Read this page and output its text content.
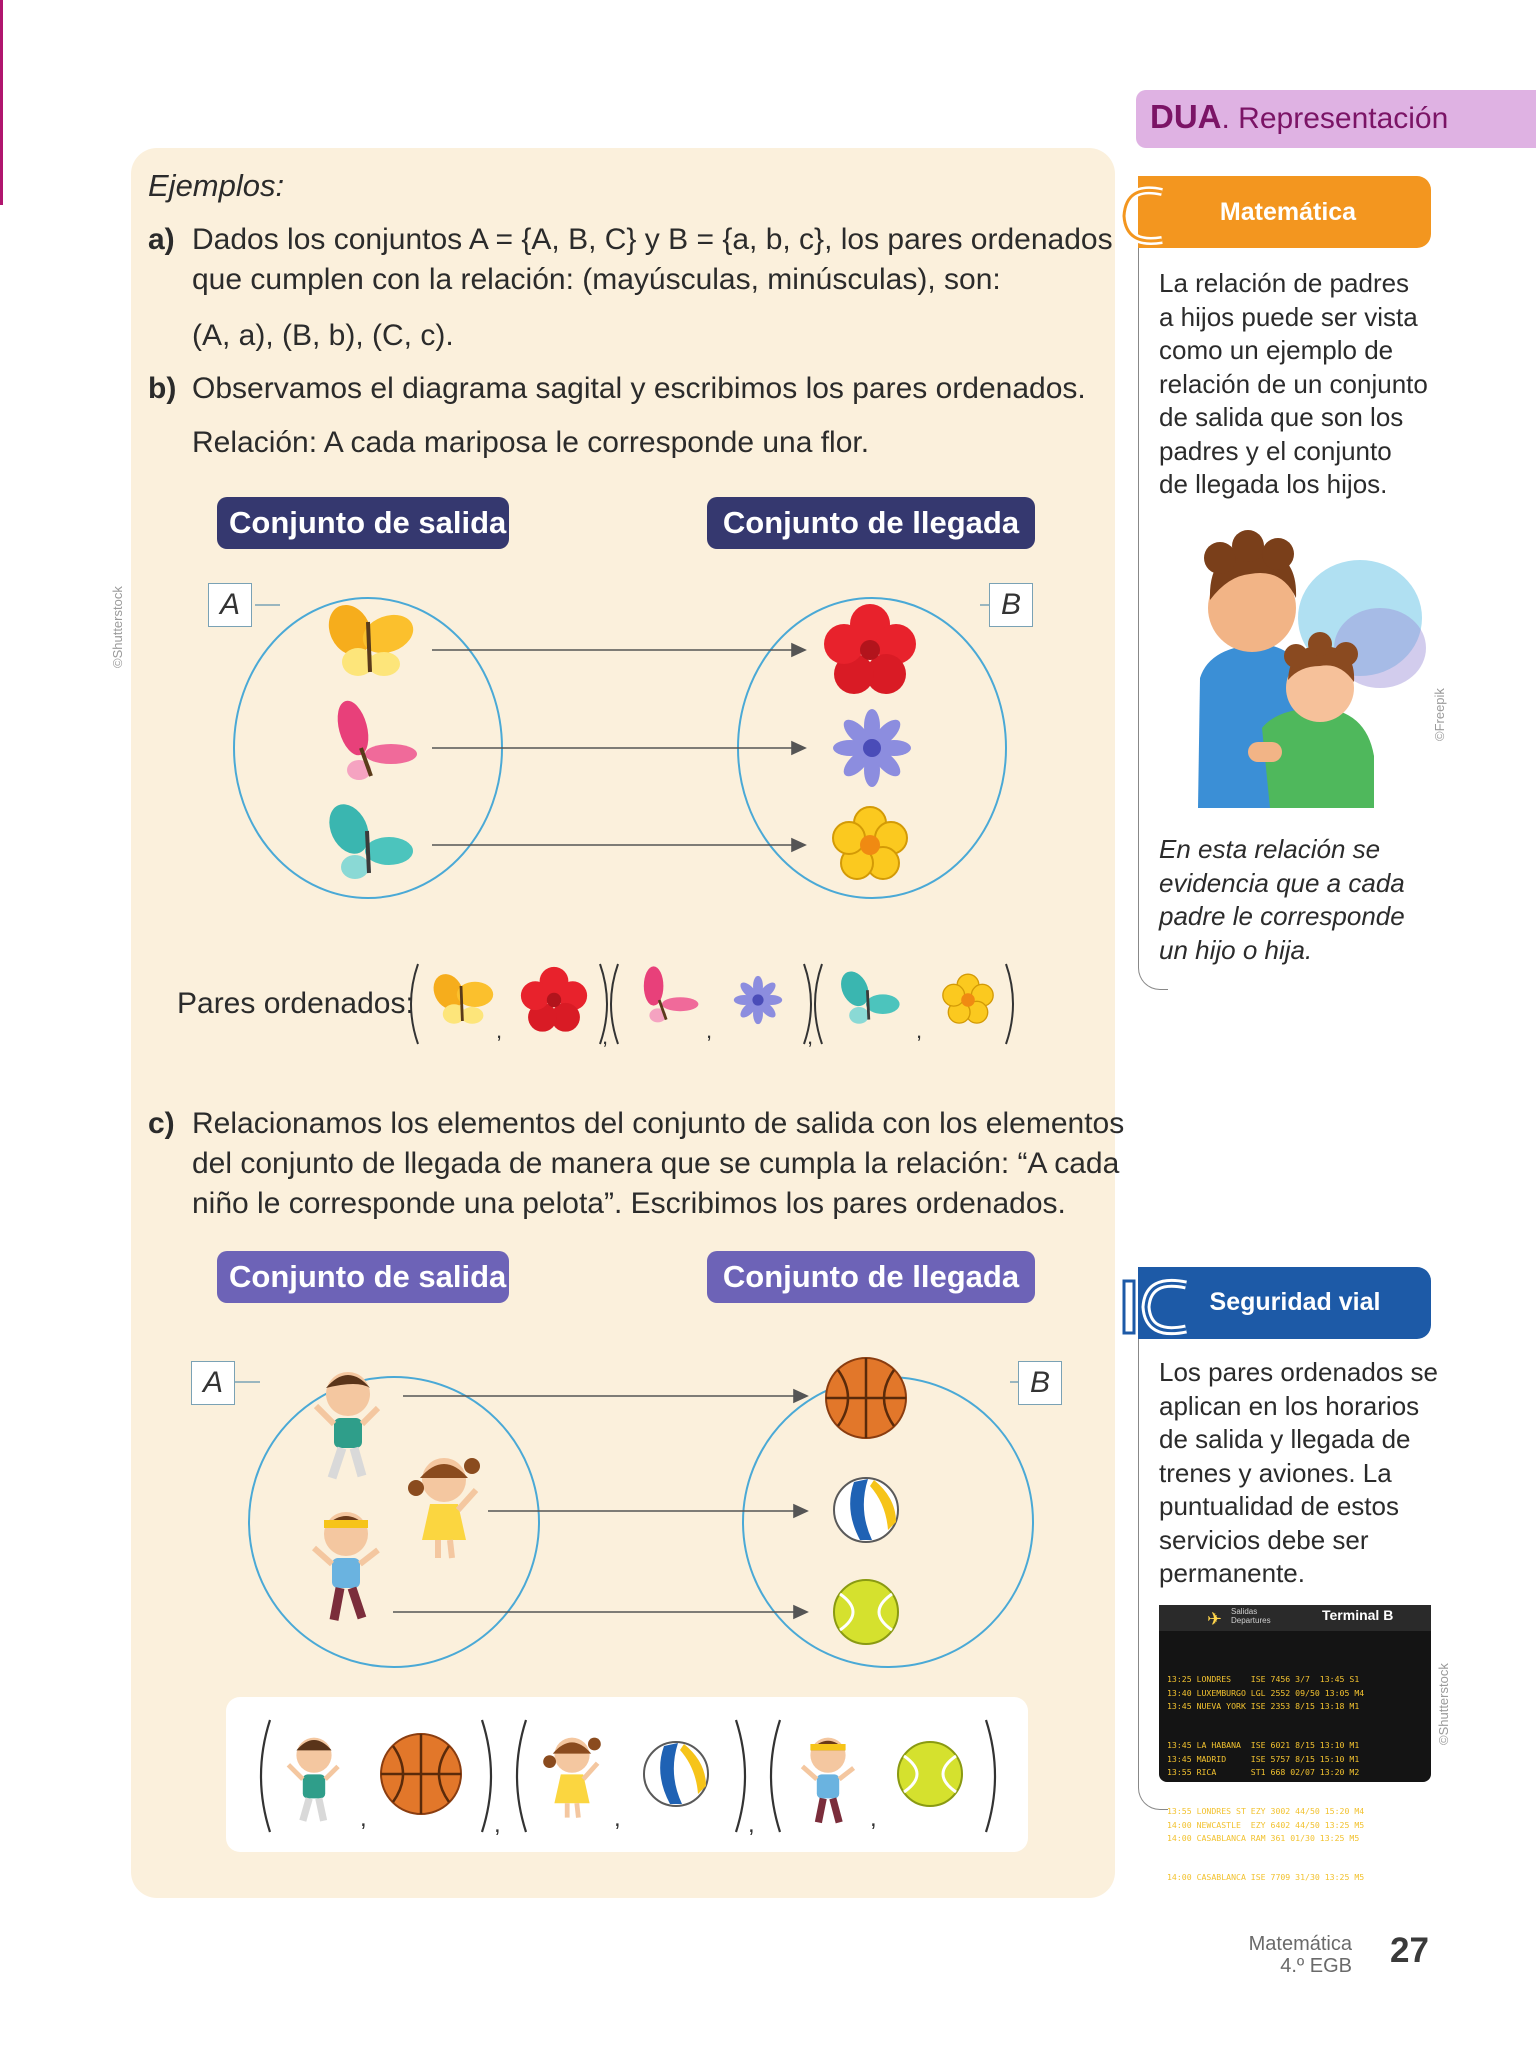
Ejemplos:
a) Dados los conjuntos A = {A, B, C} y B = {a, b, c}, los pares ordenados
que cumplen con la relación: (mayúsculas, minúsculas), son:
(A, a), (B, b), (C, c).
b) Observamos el diagrama sagital y escribimos los pares ordenados.
Relación: A cada mariposa le corresponde una flor.
Conjunto de salida	Conjunto de llegada
©Shutterstock	A	B
Pares ordenados:
,	,	,	,	,
c) Relacionamos los elementos del conjunto de salida con los elementos
del conjunto de llegada de manera que se cumpla la relación: “A cada
niño le corresponde una pelota”. Escribimos los pares ordenados.
Conjunto de salida	Conjunto de llegada
A	B
,	,	,	,	,
DUA. Representación
Matemática
La relación de padres
a hijos puede ser vista
como un ejemplo de
relación de un conjunto
de salida que son los
padres y el conjunto
de llegada los hijos.
©Freepik
En esta relación se
evidencia que a cada
padre le corresponde
un hijo o hija.
Seguridad vial
Los pares ordenados se
aplican en los horarios
de salida y llegada de
trenes y aviones. La
puntualidad de estos
servicios debe ser
permanente.
✈ Salidas
Departures	Terminal B

13:25 LONDRES    ISE 7456 3/7  13:45 S1
13:40 LUXEMBURGO LGL 2552 09/50 13:05 M4
13:45 NUEVA YORK ISE 2353 8/15 13:18 M1

13:45 LA HABANA  ISE 6021 8/15 13:10 M1
13:45 MADRID     ISE 5757 8/15 15:10 M1
13:55 RICA       ST1 668 02/07 13:20 M2

13:55 LONDRES ST EZY 3002 44/50 15:20 M4
14:00 NEWCASTLE  EZY 6402 44/50 13:25 M5
14:00 CASABLANCA RAM 361 01/30 13:25 M5

14:00 CASABLANCA ISE 7709 31/30 13:25 M5

©Shutterstock
Matemática
4.º EGB 27
